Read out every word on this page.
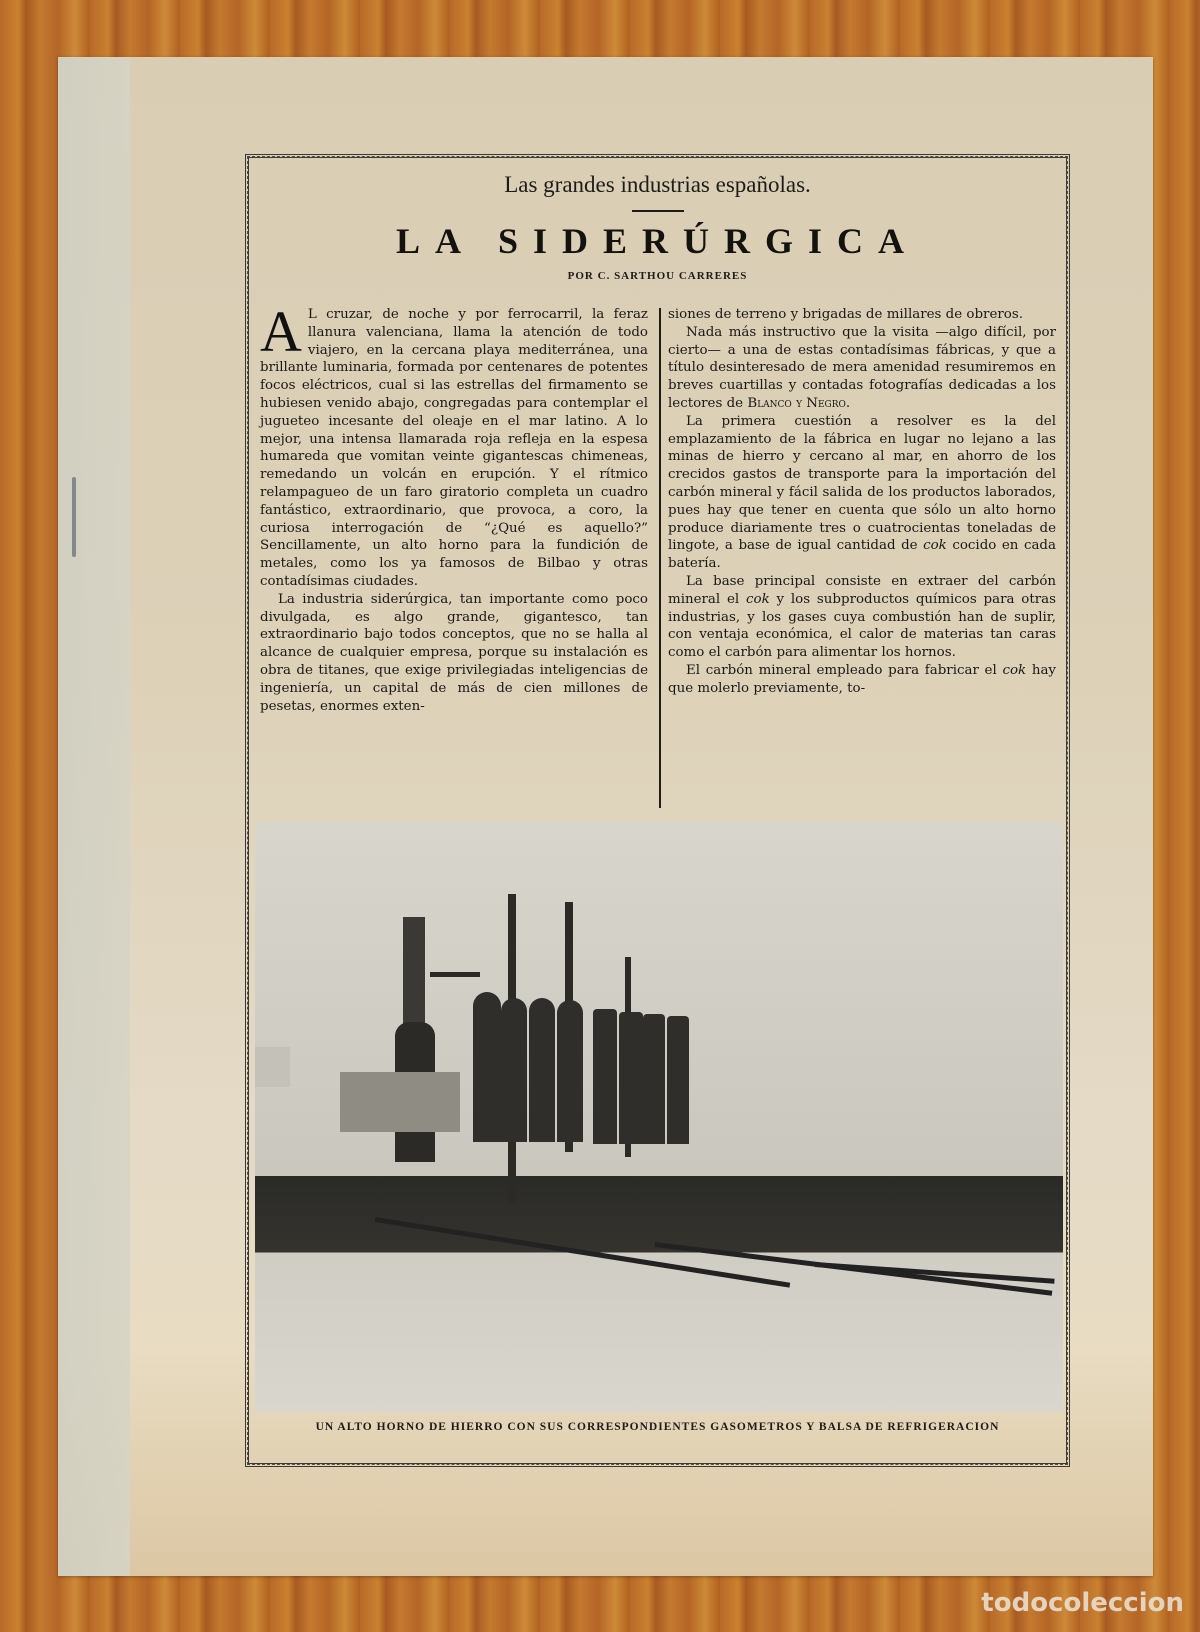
Las grandes industrias españolas.
LA SIDERÚRGICA
POR C. SARTHOU CARRERES

A L cruzar, de noche y por ferrocarril, la feraz llanura valenciana, llama la atención de todo viajero, en la cercana playa mediterránea, una brillante luminaria, formada por centenares de potentes focos eléctricos, cual si las estrellas del firmamento se hubiesen venido abajo, congregadas para contemplar el jugueteo incesante del oleaje en el mar latino. A lo mejor, una intensa llamarada roja refleja en la espesa humareda que vomitan veinte gigantescas chimeneas, remedando un volcán en erupción. Y el rítmico relampagueo de un faro giratorio completa un cuadro fantástico, extraordinario, que provoca, a coro, la curiosa interrogación de “¿Qué es aquello?” Sencillamente, un alto horno para la fundición de metales, como los ya famosos de Bilbao y otras contadísimas ciudades.

La industria siderúrgica, tan importante como poco divulgada, es algo grande, gigantesco, tan extraordinario bajo todos conceptos, que no se halla al alcance de cualquier empresa, porque su instalación es obra de titanes, que exige privilegiadas inteligencias de ingeniería, un capital de más de cien millones de pesetas, enormes exten-

siones de terreno y brigadas de millares de obreros.

Nada más instructivo que la visita —algo difícil, por cierto— a una de estas contadísimas fábricas, y que a título desinteresado de mera amenidad resumiremos en breves cuartillas y contadas fotografías dedicadas a los lectores de Blanco y Negro.

La primera cuestión a resolver es la del emplazamiento de la fábrica en lugar no lejano a las minas de hierro y cercano al mar, en ahorro de los crecidos gastos de transporte para la importación del carbón mineral y fácil salida de los productos laborados, pues hay que tener en cuenta que sólo un alto horno produce diariamente tres o cuatrocientas toneladas de lingote, a base de igual cantidad de cok cocido en cada batería.

La base principal consiste en extraer del carbón mineral el cok y los subproductos químicos para otras industrias, y los gases cuya combustión han de suplir, con ventaja económica, el calor de materias tan caras como el carbón para alimentar los hornos.

El carbón mineral empleado para fabricar el cok hay que molerlo previamente, to-

UN ALTO HORNO DE HIERRO CON SUS CORRESPONDIENTES GASOMETROS Y BALSA DE REFRIGERACION
todocoleccion
